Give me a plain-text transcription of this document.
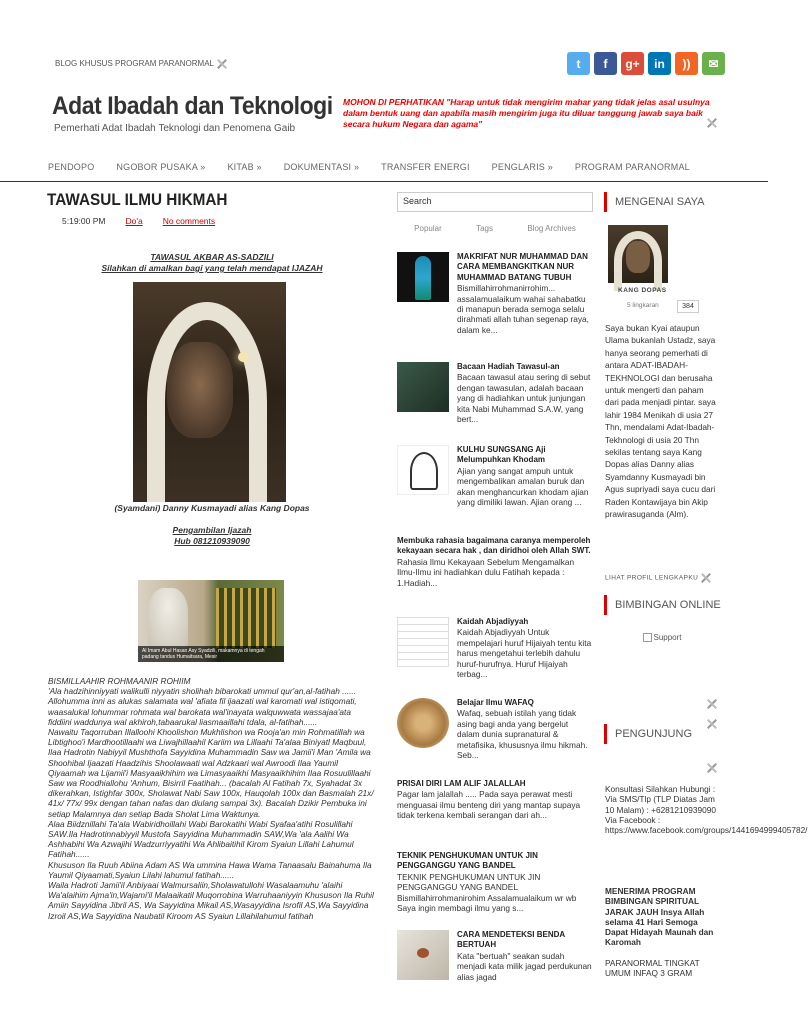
BLOG KHUSUS PROGRAM PARANORMAL	t	f	g+	in	))	✉
Adat Ibadah dan Teknologi
Pemerhati Adat Ibadah Teknologi dan Penomena Gaib
MOHON DI PERHATIKAN "Harap untuk tidak mengirim mahar yang tidak jelas asal usulnya dalam bentuk uang dan apabila masih mengirim juga itu diluar tanggung jawab saya baik secara hukum Negara dan agama"
PENDOPO NGOBOR PUSAKA »	KITAB »	DOKUMENTASI »	TRANSFER ENERGI PENGLARIS »	PROGRAM PARANORMAL
TAWASUL ILMU HIKMAH
5:19:00 PM Do'a No comments
TAWASUL AKBAR AS-SADZILI
Silahkan di amalkan bagi yang telah mendapat IJAZAH
(Syamdani) Danny Kusmayadi alias Kang Dopas
Pengambilan Ijazah
Hub 081210939090
Al Imam Abul Hasan Asy Syadzili, makamnya di tengah padang tandus Humaitsara, Mesir

BISMILLAAHIR ROHMAANIR ROHIIM

'Ala hadzihinniyyati walikulli niyyatin sholihah bibarokati ummul qur'an,al-fatihah ......

Allohumma inni as alukas salamata wal 'afiata fil ijaazati wal karomati wal istiqomati, waasalukal lohummar rohmata wal barokata wal'inayata walquwwata wassajaa'ata fiddiini waddunya wal akhiroh,tabaarukal liasmaaillahi tdala, al-fatihah......

Nawaitu Taqorruban Illalloohi Khoolishon Mukhlishon wa Rooja'an min Rohmatillah wa Libtighoo'i Mardhootillaahi wa Liwajhillaahil Kariim wa Lillaahi Ta'alaa Biniyatl Maqbuul, Ilaa Hadrotin Nabiyyil Mushthofa Sayyidina Muhammadin Saw wa Jamii'i Man 'Amila wa Shoohibal Ijaazati Haadzihis Shoolawaati wal Adzkaari wal Awroodi Ilaa Yaumil Qiyaamah wa Lijamii'i Masyaaikhihim wa Limasyaaikhi Masyaaikhihim Ilaa Rosuulillaahi Saw wa Roodhiallohu 'Anhum, Bisirril Faatihah... (bacalah Al Fatihah 7x, Syahadat 3x dikerahkan, Istighfar 300x, Sholawat Nabi Saw 100x, Hauqolah 100x dan Basmalah 21x/ 41x/ 77x/ 99x dengan tahan nafas dan diulang sampai 3x). Bacalah Dzikir Pembuka ini setiap Malamnya dan setiap Bada Sholat Lima Waktunya.

Alaa Biidznillahi Ta'ala Wabiridhoillahi Wabi Barokatihi Wabi Syafaa'atihi Rosulillahi SAW.Ila Hadrotinnabiyyil Mustofa Sayyidina Muhammadin SAW,Wa 'ala Aalihi Wa Ashhabihi Wa Azwajihi Wadzurriyyatihi Wa Ahlibaitihil Kirom Syaiun Lillahi Lahumul Fatihah......

Khususon Ila Ruuh Abiina Adam AS Wa ummina Hawa Wama Tanaasalu Bainahuma Ila Yaumil Qiyaamati,Syaiun Lilahi lahumul fatihah......

Waila Hadroti Jamii'il Anbiyaai Walmursaliin,Sholawatullohi Wasalaamuhu 'alaihi Wa'alaihim Ajma'in,Wajami'il Malaaikatil Muqorrobina Warruhaaniyyin Khususon Ila Ruhil Amiin Sayyidina Jibril AS, Wa Sayyidina Mikail AS,Wasayyidina Isrofil AS,Wa Sayyidina Izroil AS,Wa Sayyidina Naubatil Kiroom AS Syaiun Lillahilahumul fatihah

Search
Popular	Tags	Blog Archives
MAKRIFAT NUR MUHAMMAD DAN CARA MEMBANGKITKAN NUR MUHAMMAD BATANG TUBUH
Bismillahirrohmanirrohim... assalamualaikum wahai sahabatku di manapun berada semoga selalu dirahmati allah tuhan segenap raya, dalam ke...
Bacaan Hadiah Tawasul-an
Bacaan tawasul atau sering di sebut dengan tawasulan, adalah bacaan yang di hadiahkan untuk junjungan kita Nabi Muhammad S.A.W, yang bert...
KULHU SUNGSANG Aji Melumpuhkan Khodam
Ajian yang sangat ampuh untuk mengembalikan amalan buruk dan akan menghancurkan khodam ajian yang dimiliki lawan. Ajian orang ...
Membuka rahasia bagaimana caranya memperoleh kekayaan secara hak , dan diridhoi oleh Allah SWT.
Rahasia Ilmu Kekayaan Sebelum Mengamalkan Ilmu-Ilmu ini hadiahkan dulu Fatihah kepada : 1.Hadiah...
Kaidah Abjadiyyah
Kaidah Abjadiyyah Untuk mempelajari huruf Hijaiyah tentu kita harus mengetahui terlebih dahulu huruf-hurufnya. Huruf Hijaiyah terbag...
Belajar Ilmu WAFAQ
Wafaq, sebuah istilah yang tidak asing bagi anda yang bergelut dalam dunia supranatural & metafisika, khususnya ilmu hikmah. Seb...
PRISAI DIRI LAM ALIF JALALLAH
Pagar lam jalallah ..... Pada saya perawat mesti menguasai ilmu benteng diri yang mantap supaya tidak terkena kembali serangan dari ah...
TEKNIK PENGHUKUMAN UNTUK JIN PENGGANGGU YANG BANDEL
TEKNIK PENGHUKUMAN UNTUK JIN PENGGANGGU YANG BANDEL Bismillahirrohmanirohim Assalamualaikum wr wb Saya ingin membagi ilmu yang s...
CARA MENDETEKSI BENDA BERTUAH
Kata "bertuah" seakan sudah menjadi kata milik jagad perdukunan alias jagad
MENGENAI SAYA
KANG DOPAS
5 lingkaran	384
Saya bukan Kyai ataupun Ulama bukanlah Ustadz, saya hanya seorang pemerhati di antara ADAT-IBADAH-TEKHNOLOGI dan berusaha untuk mengerti dan paham dari pada menjadi pintar. saya lahir 1984 Menikah di usia 27 Thn, mendalami Adat-Ibadah-Tekhnologi di usia 20 Thn sekilas tentang saya Kang Dopas alias Danny alias Syamdanny Kusmayadi bin Agus supriyadi saya cucu dari Raden Kontawijaya bin Akip prawirasuganda (Alm).
LIHAT PROFIL LENGKAPKU
BIMBINGAN ONLINE
Support
PENGUNJUNG
Konsultasi Silahkan Hubungi : Via SMS/Tlp (TLP Diatas Jam 10 Malam) : +6281210939090 Via Facebook : https://www.facebook.com/groups/1441694999405782/
MENERIMA PROGRAM BIMBINGAN SPIRITUAL JARAK JAUH Insya Allah selama 41 Hari Semoga Dapat Hidayah Maunah dan Karomah
PARANORMAL TINGKAT UMUM INFAQ 3 GRAM
